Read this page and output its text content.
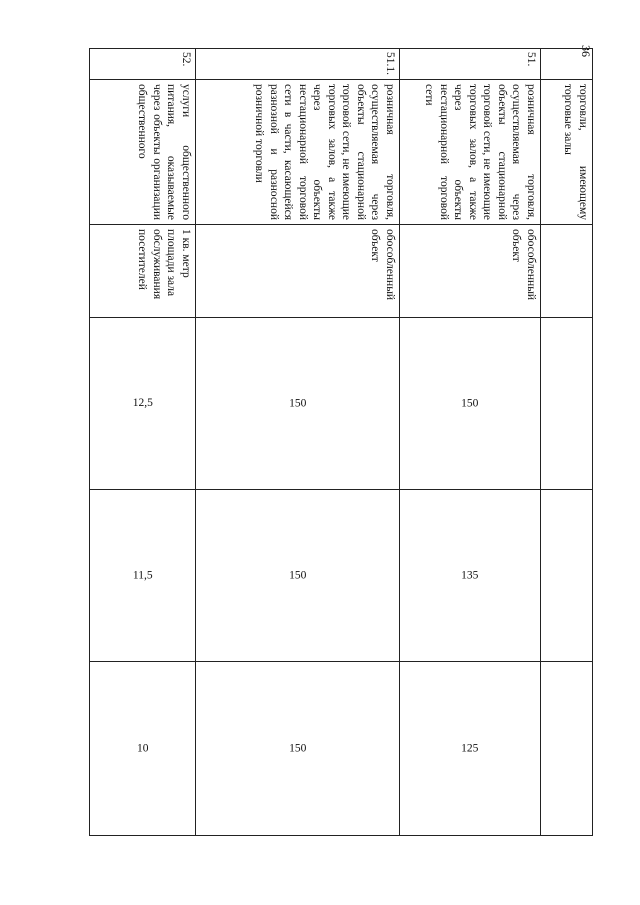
36
	торговли, имеющему торговые залы				
51.	розничная торговля, осуществляемая через объекты стационарной торговой сети, не имеющие торговых залов, а также через объекты нестационарной торговой сети	обособленный объект	150	135	125
51.1.	розничная торговля, осуществляемая через объекты стационарной торговой сети, не имеющие торговых залов, а также через объекты нестационарной торговой сети в части, касающейся разнозной и разносной розничной торговли	обособленный объект	150	150	150
52.	услуги общественного питания, оказываемые через объекты организации общественного	1 кв. метр площади зала обслуживания посетителей	12,5	11,5	10
